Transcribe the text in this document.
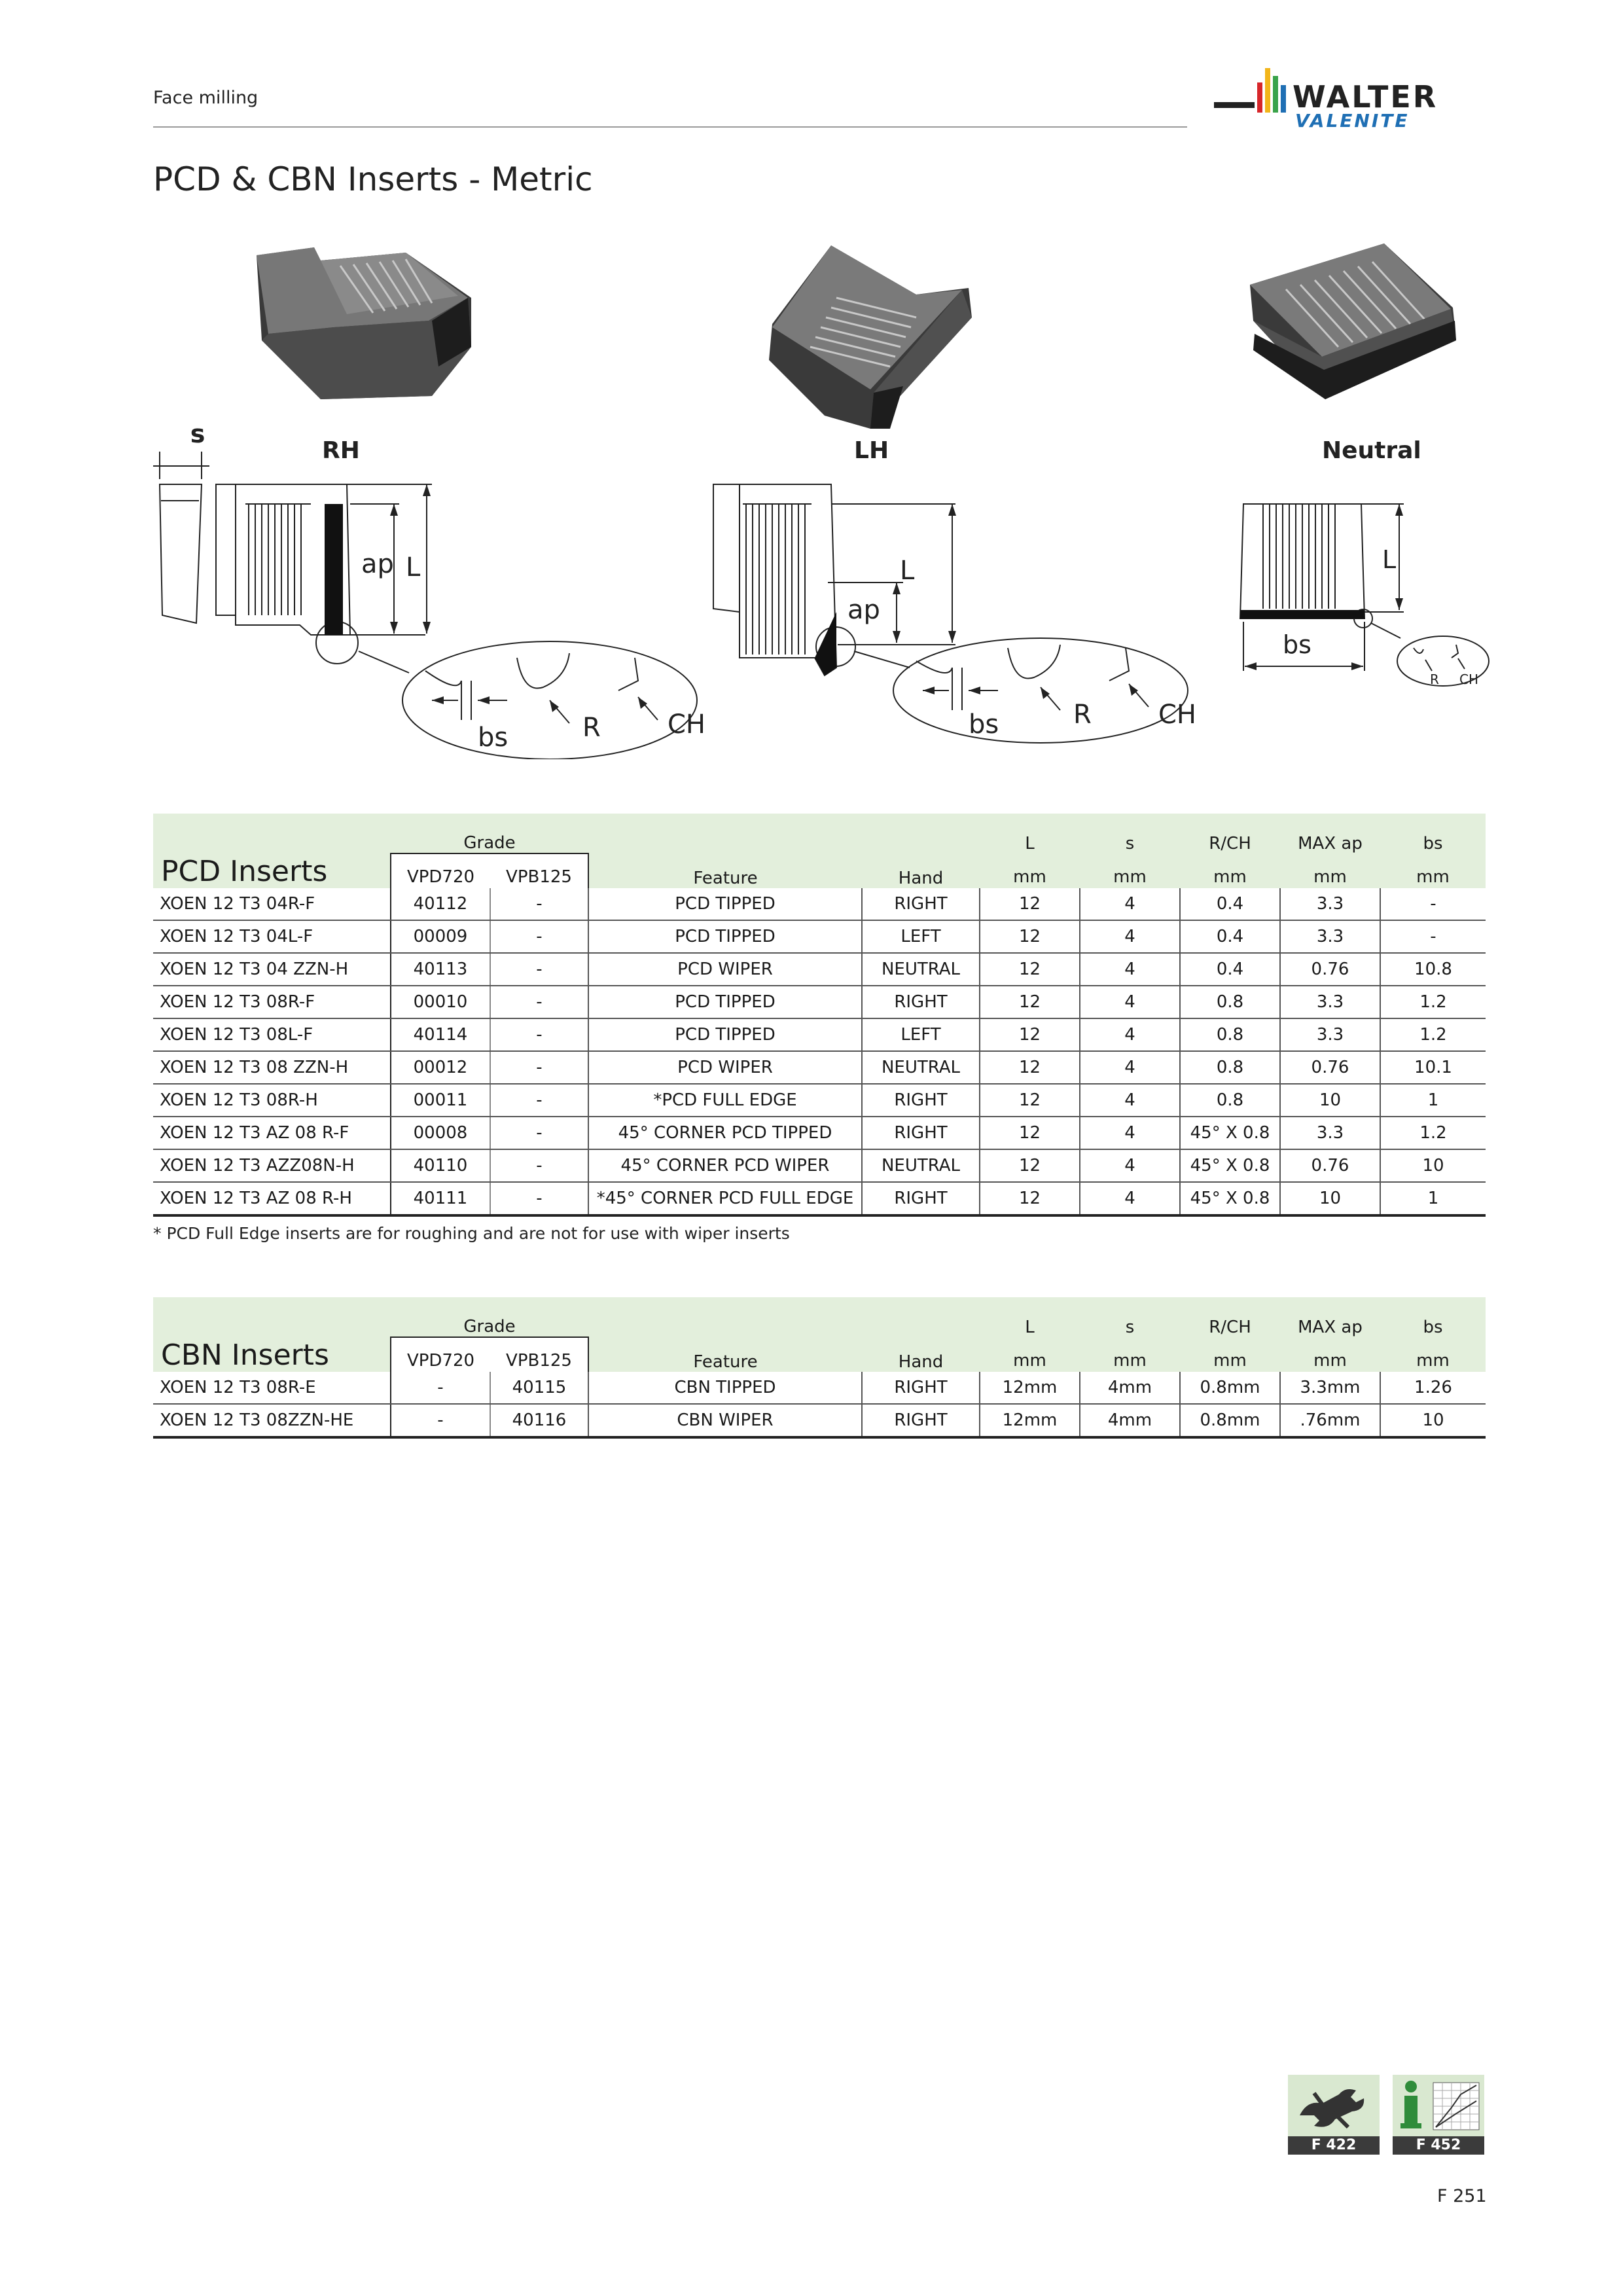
Face milling	WALTER
VALENITE
PCD & CBN Inserts - Metric
RH	LH	Neutral
s
ap L
bs	R	CH
L
ap
bs	R	CH
L
bs
R CH
PCD Inserts	Grade		Feature	Hand	L	s	R/CH	MAX ap	bs
	VPD720	VPB125			mm	mm	mm	mm	mm
XOEN 12 T3 04R-F	40112	-	PCD TIPPED	RIGHT	12	4	0.4	3.3	-
XOEN 12 T3 04L-F	00009	-	PCD TIPPED	LEFT	12	4	0.4	3.3	-
XOEN 12 T3 04 ZZN-H	40113	-	PCD WIPER	NEUTRAL	12	4	0.4	0.76	10.8
XOEN 12 T3 08R-F	00010	-	PCD TIPPED	RIGHT	12	4	0.8	3.3	1.2
XOEN 12 T3 08L-F	40114	-	PCD TIPPED	LEFT	12	4	0.8	3.3	1.2
XOEN 12 T3 08 ZZN-H	00012	-	PCD WIPER	NEUTRAL	12	4	0.8	0.76	10.1
XOEN 12 T3 08R-H	00011	-	*PCD FULL EDGE	RIGHT	12	4	0.8	10	1
XOEN 12 T3 AZ 08 R-F	00008	-	45° CORNER PCD TIPPED	RIGHT	12	4	45° X 0.8	3.3	1.2
XOEN 12 T3 AZZ08N-H	40110	-	45° CORNER PCD WIPER	NEUTRAL	12	4	45° X 0.8	0.76	10
XOEN 12 T3 AZ 08 R-H	40111	-	*45° CORNER PCD FULL EDGE	RIGHT	12	4	45° X 0.8	10	1
* PCD Full Edge inserts are for roughing and are not for use with wiper inserts
CBN Inserts	Grade		Feature	Hand	L	s	R/CH	MAX ap	bs
	VPD720	VPB125			mm	mm	mm	mm	mm
XOEN 12 T3 08R-E	-	40115	CBN TIPPED	RIGHT	12mm	4mm	0.8mm	3.3mm	1.26
XOEN 12 T3 08ZZN-HE	-	40116	CBN WIPER	RIGHT	12mm	4mm	0.8mm	.76mm	10
F 422	F 452
F 251
